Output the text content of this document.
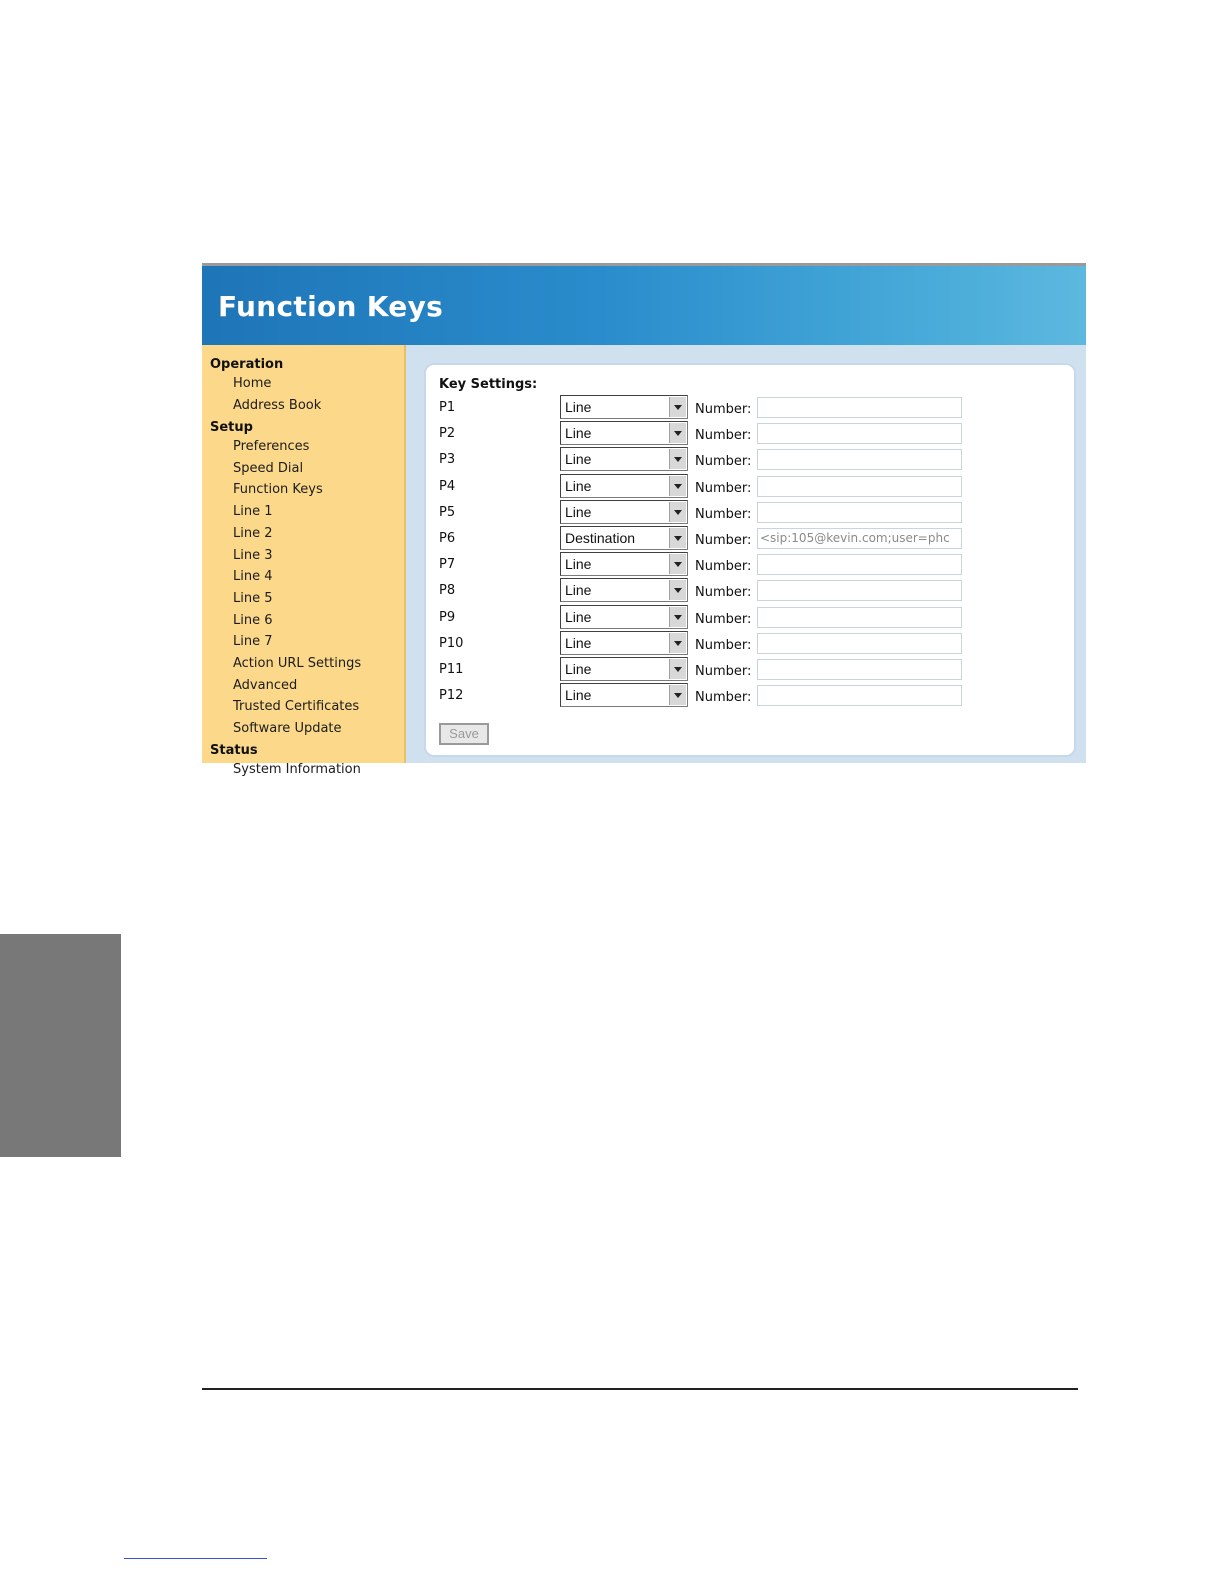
Function Keys
Operation
Home
Address Book
Setup
Preferences
Speed Dial
Function Keys
Line 1
Line 2
Line 3
Line 4
Line 5
Line 6
Line 7
Action URL Settings
Advanced
Trusted Certificates
Software Update
Status
System Information
Key Settings:
P1	Line	Number:
P2	Line	Number:
P3	Line	Number:
P4	Line	Number:
P5	Line	Number:
P6	Destination	Number: <sip:105@kevin.com;user=phc
P7	Line	Number:
P8	Line	Number:
P9	Line	Number:
P10	Line	Number:
P11	Line	Number:
P12	Line	Number:
Save
